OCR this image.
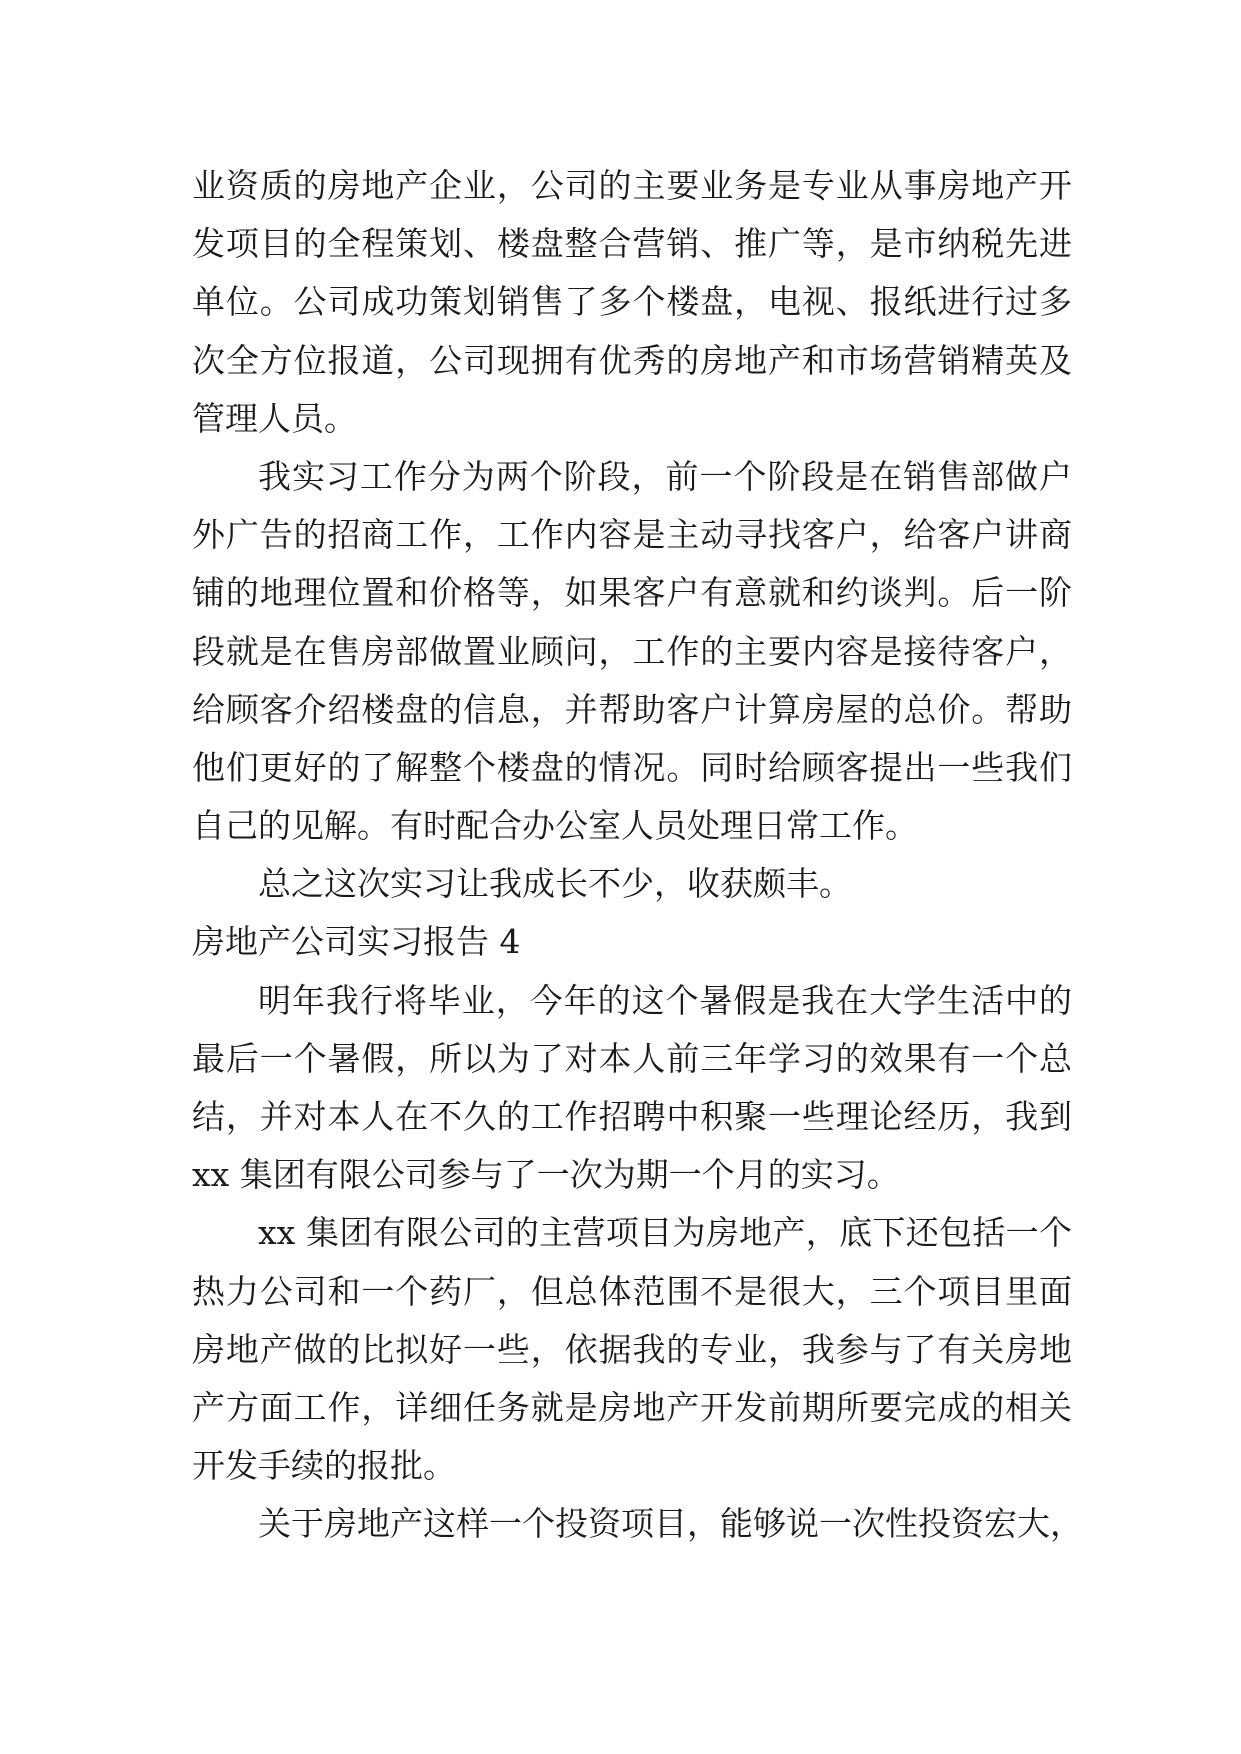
业资质的房地产企业，公司的主要业务是专业从事房地产开
发项目的全程策划、楼盘整合营销、推广等，是市纳税先进
单位。公司成功策划销售了多个楼盘，电视、报纸进行过多
次全方位报道，公司现拥有优秀的房地产和市场营销精英及
管理人员。
我实习工作分为两个阶段，前一个阶段是在销售部做户
外广告的招商工作，工作内容是主动寻找客户，给客户讲商
铺的地理位置和价格等，如果客户有意就和约谈判。后一阶
段就是在售房部做置业顾问，工作的主要内容是接待客户，
给顾客介绍楼盘的信息，并帮助客户计算房屋的总价。帮助
他们更好的了解整个楼盘的情况。同时给顾客提出一些我们
自己的见解。有时配合办公室人员处理日常工作。
总之这次实习让我成长不少，收获颇丰。
房地产公司实习报告 4
明年我行将毕业，今年的这个暑假是我在大学生活中的
最后一个暑假，所以为了对本人前三年学习的效果有一个总
结，并对本人在不久的工作招聘中积聚一些理论经历，我到
xx 集团有限公司参与了一次为期一个月的实习。
xx 集团有限公司的主营项目为房地产，底下还包括一个
热力公司和一个药厂，但总体范围不是很大，三个项目里面
房地产做的比拟好一些，依据我的专业，我参与了有关房地
产方面工作，详细任务就是房地产开发前期所要完成的相关
开发手续的报批。
关于房地产这样一个投资项目，能够说一次性投资宏大，
